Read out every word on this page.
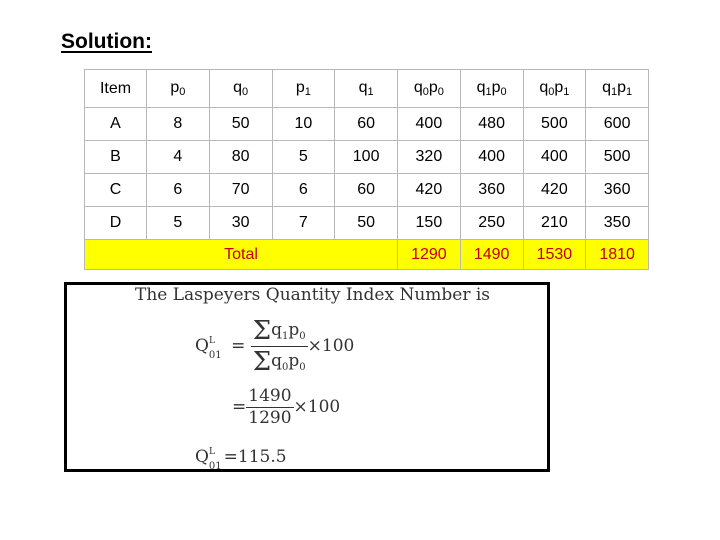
Solution:
Item	$p_0$	$q_0$	$p_1$	$q_1$	$q_0p_0$	$q_1p_0$	$q_0p_1$	$q_1p_1$
A	8	50	10	60	400	480	500	600
B	4	80	5	100	320	400	400	500
C	6	70	6	60	420	360	420	360
D	5	30	7	50	150	250	210	350
Total					1290	1490	1530	1810
The Laspeyers Quantity Index Number is
$Q^L_{01} = \frac{\Sigma q_1p_0}{\Sigma q_0p_0} \times 100$
= $\frac{1490}{1290} \times 100$
$Q^L_{01} =115.5$
